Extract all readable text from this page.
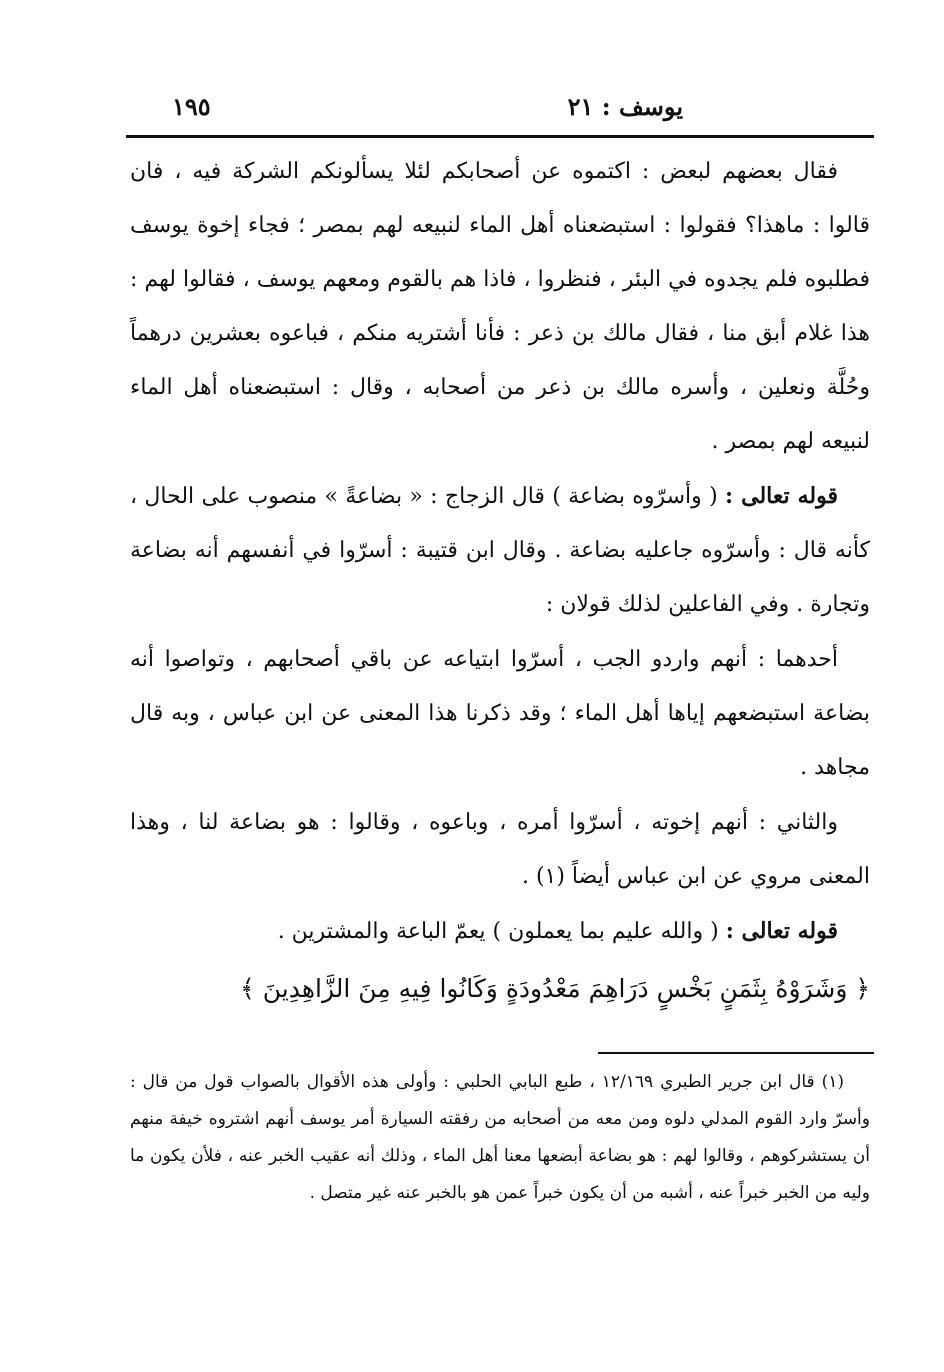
يوسف : ٢١
١٩٥

فقال بعضهم لبعض : اكتموه عن أصحابكم لئلا يسألونكم الشركة فيه ، فان قالوا : ماهذا؟ فقولوا : استبضعناه أهل الماء لنبيعه لهم بمصر ؛ فجاء إخوة يوسف فطلبوه فلم يجدوه في البئر ، فنظروا ، فاذا هم بالقوم ومعهم يوسف ، فقالوا لهم : هذا غلام أبق منا ، فقال مالك بن ذعر : فأنا أشتريه منكم ، فباعوه بعشرين درهماً وحُلَّة ونعلين ، وأسره مالك بن ذعر من أصحابه ، وقال : استبضعناه أهل الماء لنبيعه لهم بمصر .

قوله تعالى : ( وأسرّوه بضاعة ) قال الزجاج : « بضاعةً » منصوب على الحال ، كأنه قال : وأسرّوه جاعليه بضاعة . وقال ابن قتيبة : أسرّوا في أنفسهم أنه بضاعة وتجارة . وفي الفاعلين لذلك قولان :

أحدهما : أنهم واردو الجب ، أسرّوا ابتياعه عن باقي أصحابهم ، وتواصوا أنه بضاعة استبضعهم إياها أهل الماء ؛ وقد ذكرنا هذا المعنى عن ابن عباس ، وبه قال مجاهد .

والثاني : أنهم إخوته ، أسرّوا أمره ، وباعوه ، وقالوا : هو بضاعة لنا ، وهذا المعنى مروي عن ابن عباس أيضاً (١) .

قوله تعالى : ( والله عليم بما يعملون ) يعمّ الباعة والمشترين .

﴿ وَشَرَوْهُ بِثَمَنٍ بَخْسٍ دَرَاهِمَ مَعْدُودَةٍ وَكَانُوا فِيهِ مِنَ الزَّاهِدِينَ ﴾

(١) قال ابن جرير الطبري ١٢/١٦٩ ، طبع البابي الحلبي : وأولى هذه الأقوال بالصواب قول من قال : وأسرّ وارد القوم المدلي دلوه ومن معه من أصحابه من رفقته السيارة أمر يوسف أنهم اشتروه خيفة منهم أن يستشركوهم ، وقالوا لهم : هو بضاعة أبضعها معنا أهل الماء ، وذلك أنه عقيب الخبر عنه ، فلأن يكون ما وليه من الخبر خبراً عنه ، أشبه من أن يكون خبراً عمن هو بالخبر عنه غير متصل .
